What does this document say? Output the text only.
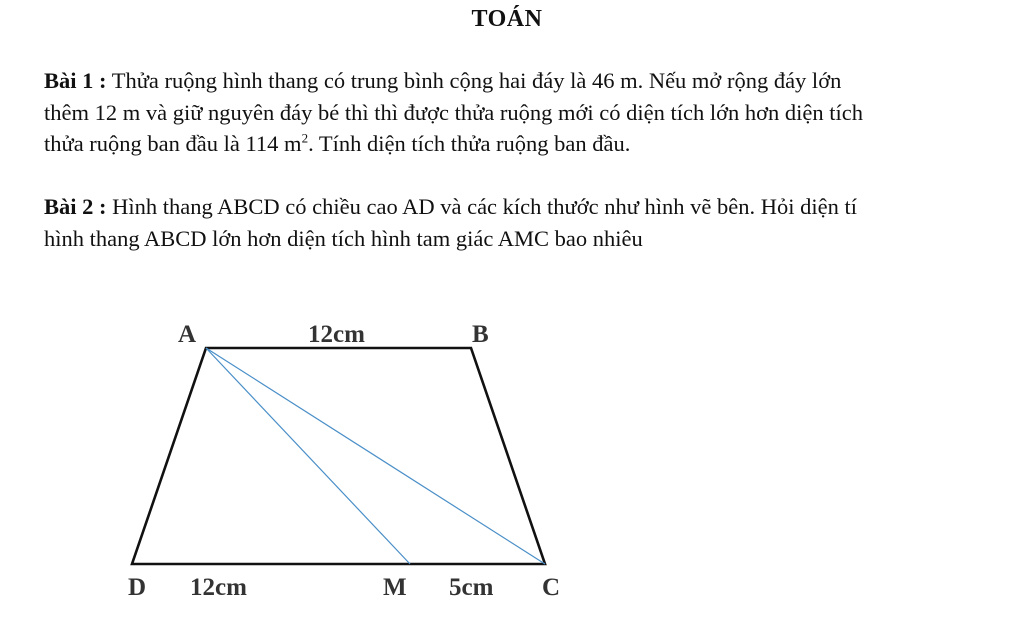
TOÁN
Bài 1 : Thửa ruộng hình thang có trung bình cộng hai đáy là 46 m. Nếu mở rộng đáy lớn
thêm 12 m và giữ nguyên đáy bé thì thì được thửa ruộng mới có diện tích lớn hơn diện tích
thửa ruộng ban đầu là 114 $m^2$. Tính diện tích thửa ruộng ban đầu.
Bài 2 : Hình thang ABCD có chiều cao AD và các kích thước như hình vẽ bên. Hỏi diện tí
hình thang ABCD lớn hơn diện tích hình tam giác AMC bao nhiêu
A	B
D	M	C
12cm
12cm	5cm
